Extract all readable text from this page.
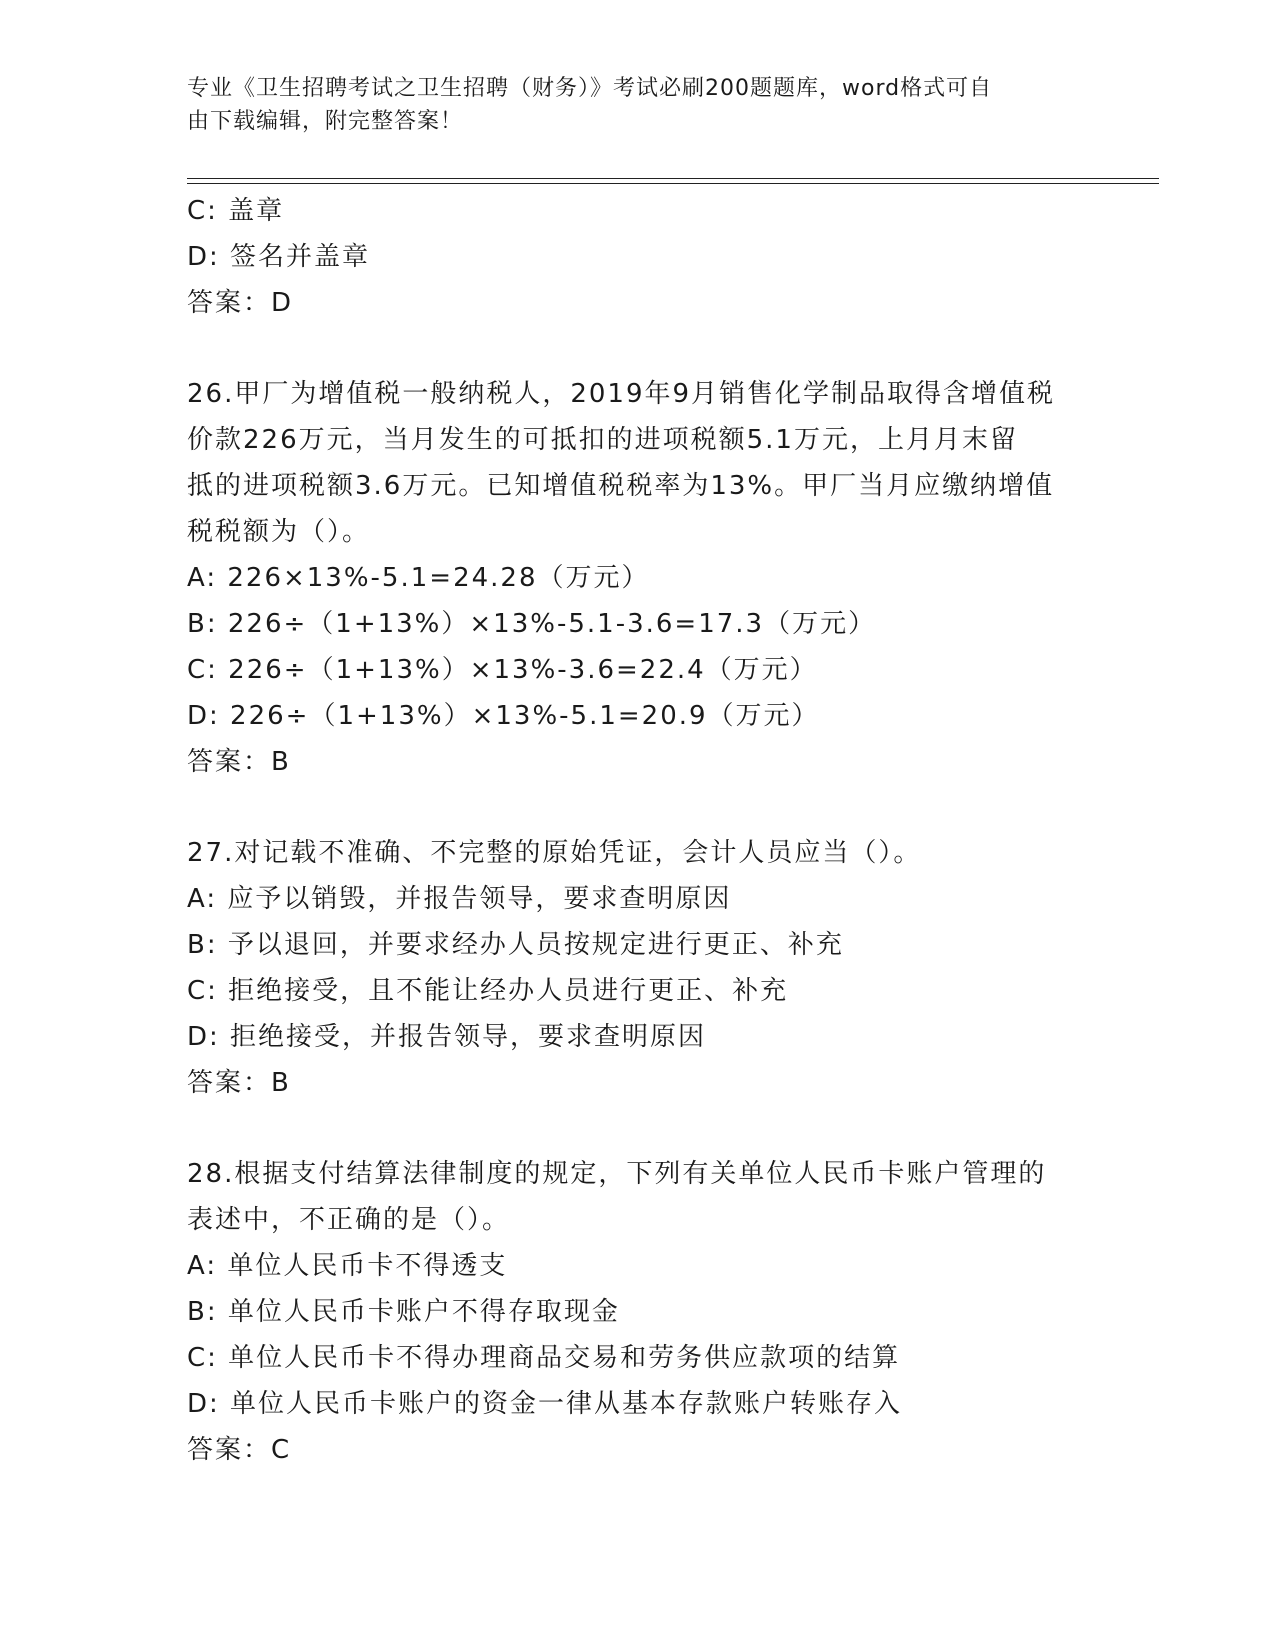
专业《卫生招聘考试之卫生招聘（财务）》考试必刷200题题库，word格式可自
由下载编辑，附完整答案！
C: 盖章
D: 签名并盖章
答案：D
26.甲厂为增值税一般纳税人，2019年9月销售化学制品取得含增值税
价款226万元，当月发生的可抵扣的进项税额5.1万元，上月月末留
抵的进项税额3.6万元。已知增值税税率为13%。甲厂当月应缴纳增值
税税额为（）。
A: 226×13%-5.1=24.28（万元）
B: 226÷（1+13%）×13%-5.1-3.6=17.3（万元）
C: 226÷（1+13%）×13%-3.6=22.4（万元）
D: 226÷（1+13%）×13%-5.1=20.9（万元）
答案：B
27.对记载不准确、不完整的原始凭证，会计人员应当（）。
A: 应予以销毁，并报告领导，要求查明原因
B: 予以退回，并要求经办人员按规定进行更正、补充
C: 拒绝接受，且不能让经办人员进行更正、补充
D: 拒绝接受，并报告领导，要求查明原因
答案：B
28.根据支付结算法律制度的规定，下列有关单位人民币卡账户管理的
表述中，不正确的是（）。
A: 单位人民币卡不得透支
B: 单位人民币卡账户不得存取现金
C: 单位人民币卡不得办理商品交易和劳务供应款项的结算
D: 单位人民币卡账户的资金一律从基本存款账户转账存入
答案：C
